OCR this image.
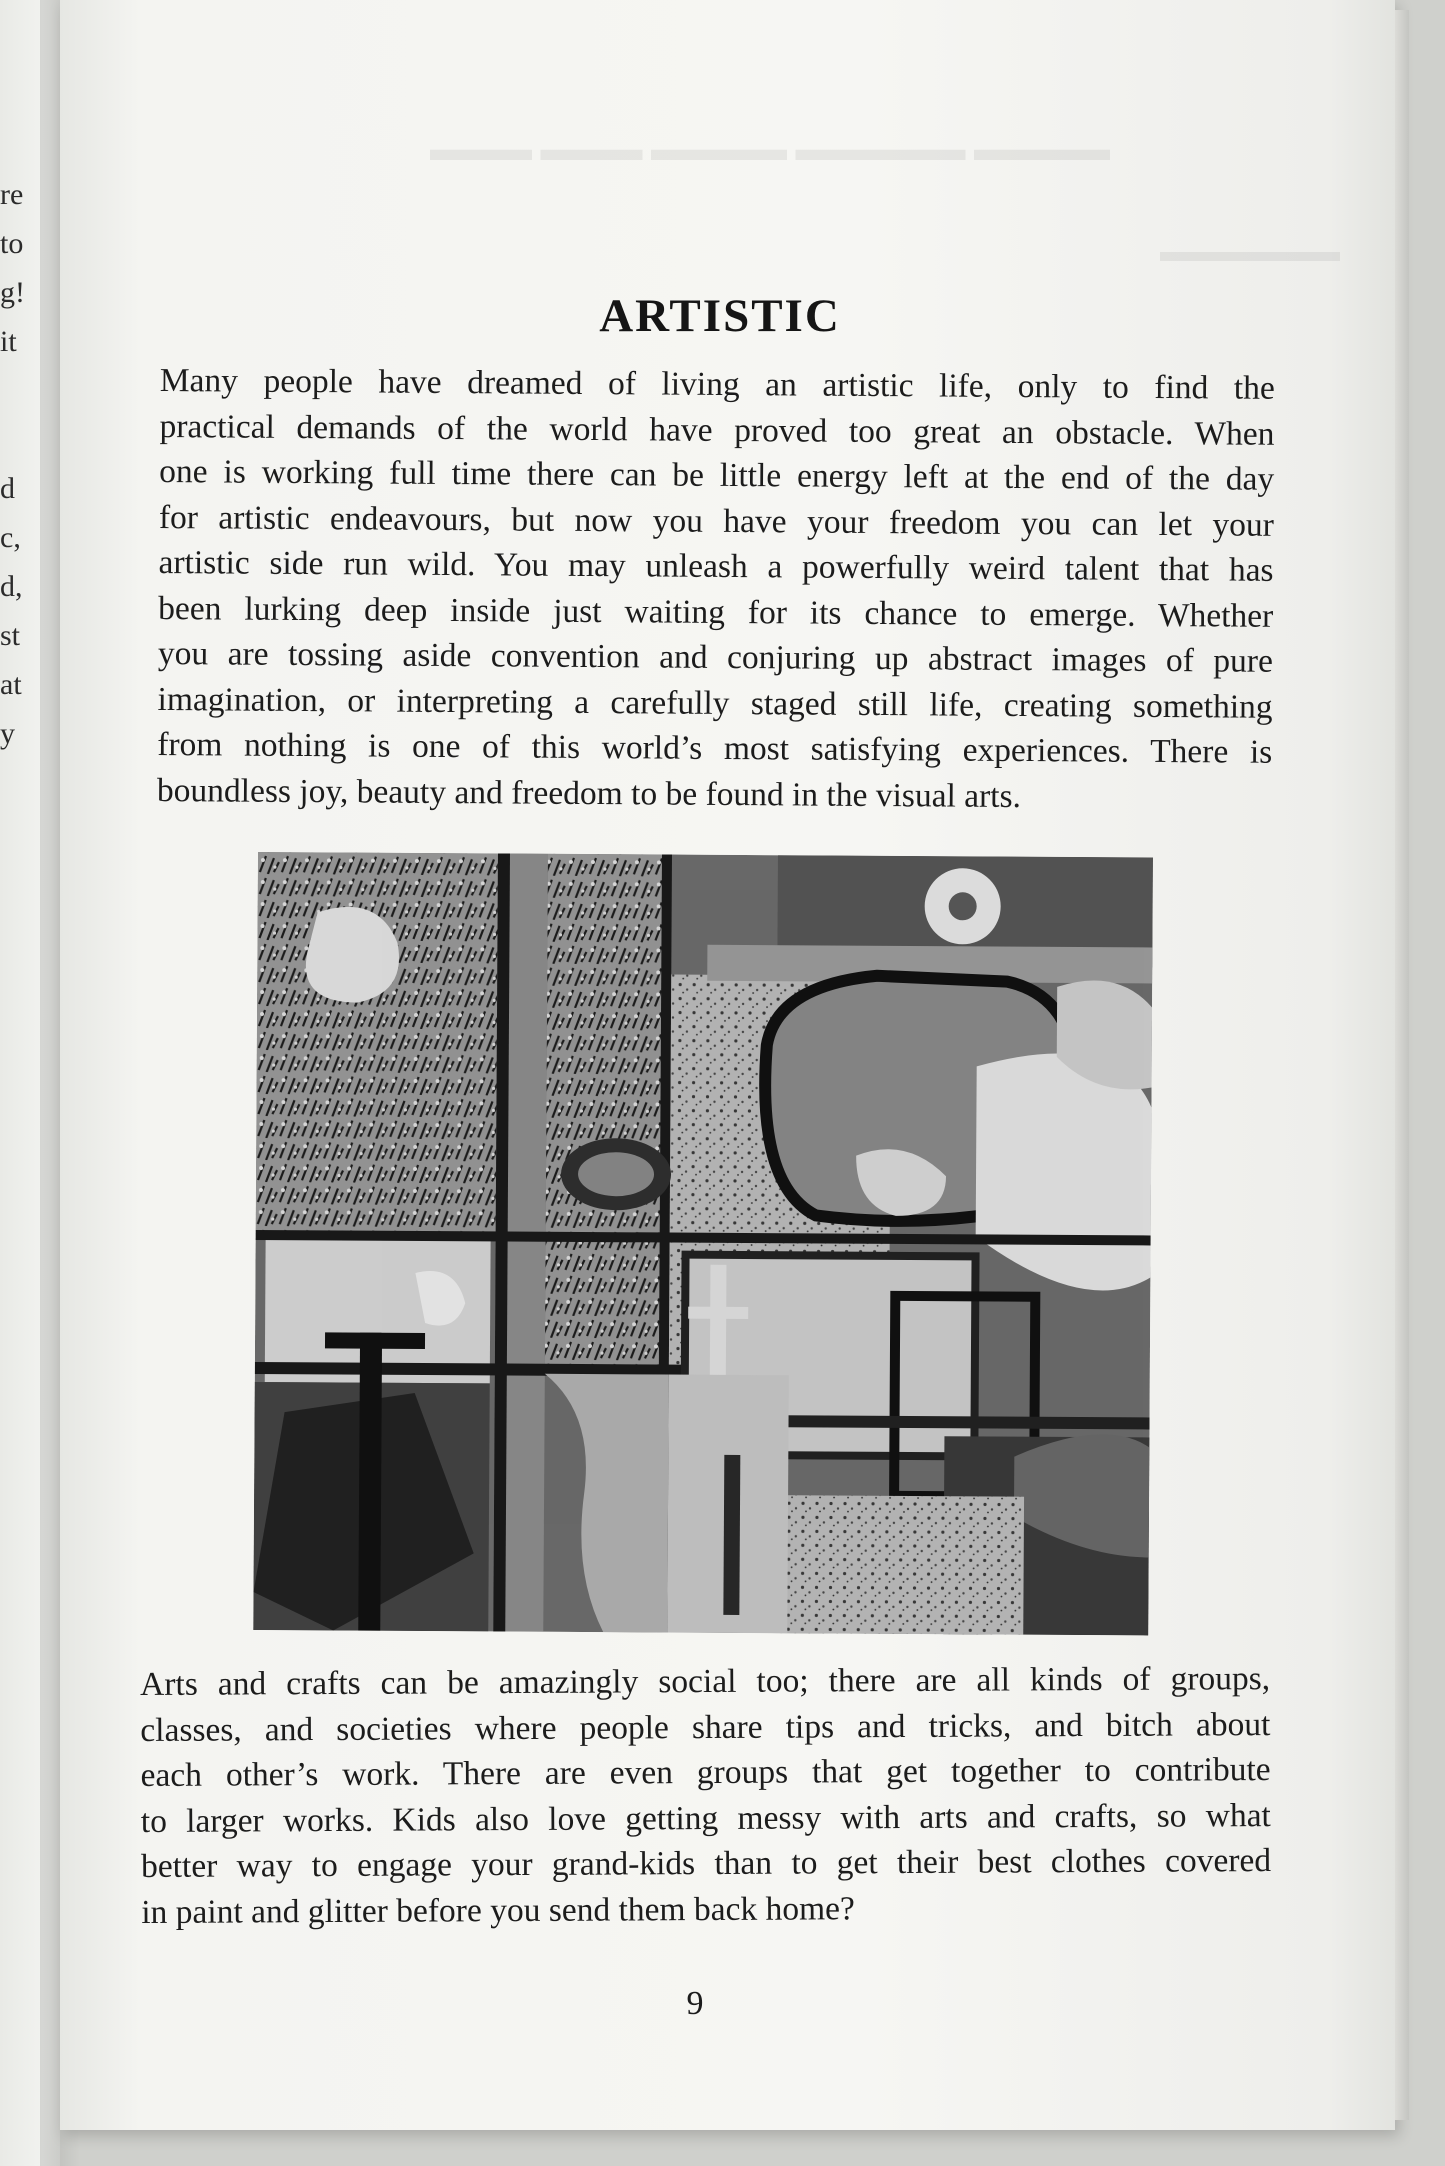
re
to
g!
it
d
c,
d,
st
at
y
▬▬▬ ▬▬▬ ▬▬▬▬ ▬▬▬▬▬ ▬▬▬▬
▬▬▬▬▬▬
ARTISTIC

Many people have dreamed of living an artistic life, only to find the
practical demands of the world have proved too great an obstacle. When
one is working full time there can be little energy left at the end of the day
for artistic endeavours, but now you have your freedom you can let your
artistic side run wild. You may unleash a powerfully weird talent that has
been lurking deep inside just waiting for its chance to emerge. Whether
you are tossing aside convention and conjuring up abstract images of pure
imagination, or interpreting a carefully staged still life, creating something
from nothing is one of this world’s most satisfying experiences. There is
boundless joy, beauty and freedom to be found in the visual arts.

Arts and crafts can be amazingly social too; there are all kinds of groups,
classes, and societies where people share tips and tricks, and bitch about
each other’s work. There are even groups that get together to contribute
to larger works. Kids also love getting messy with arts and crafts, so what
better way to engage your grand-kids than to get their best clothes covered
in paint and glitter before you send them back home?

9
